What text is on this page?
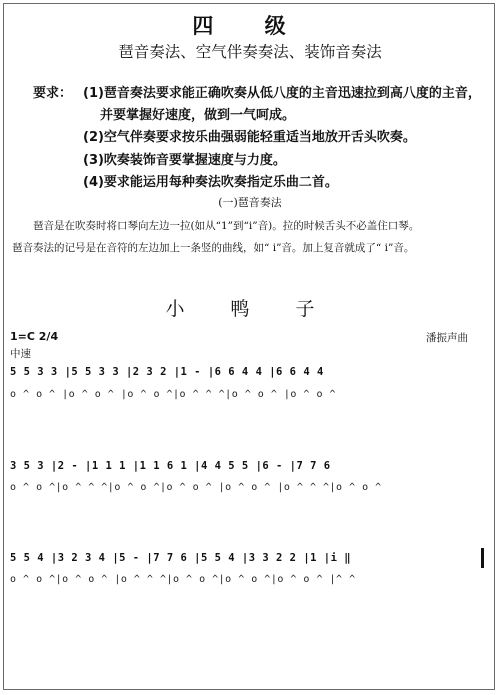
四 级
琶音奏法、空气伴奏奏法、装饰音奏法
要求： (1)琶音奏法要求能正确吹奏从低八度的主音迅速拉到高八度的主音，
并要掌握好速度，做到一气呵成。
(2)空气伴奏要求按乐曲强弱能轻重适当地放开舌头吹奏。
(3)吹奏装饰音要掌握速度与力度。
(4)要求能运用每种奏法吹奏指定乐曲二首。
(一)琶音奏法
琶音是在吹奏时将口琴向左边一拉(如从“1”到“i”音)。拉的时候舌头不必盖住口琴。
琶音奏法的记号是在音符的左边加上一条竖的曲线，如“ i”音。加上复音就成了“ i”音。
小 鸭 子
1=C 2/4	潘振声曲
中速
5 5 3 3 |5 5 3 3 |2 3 2 |1 - |6 6 4 4 |6 6 4 4
o ^ o ^ |o ^ o ^ |o ^ o ^|o ^ ^ ^|o ^ o ^ |o ^ o ^
3 5 3 |2 - |1 1 1 |1 1 6 1 |4 4 5 5 |6 - |7 7 6
o ^ o ^|o ^ ^ ^|o ^ o ^|o ^ o ^ |o ^ o ^ |o ^ ^ ^|o ^ o ^
5 5 4 |3 2 3 4 |5 - |7 7 6 |5 5 4 |3 3 2 2 |1 |i ‖
o ^ o ^|o ^ o ^ |o ^ ^ ^|o ^ o ^|o ^ o ^|o ^ o ^ |^ ^
